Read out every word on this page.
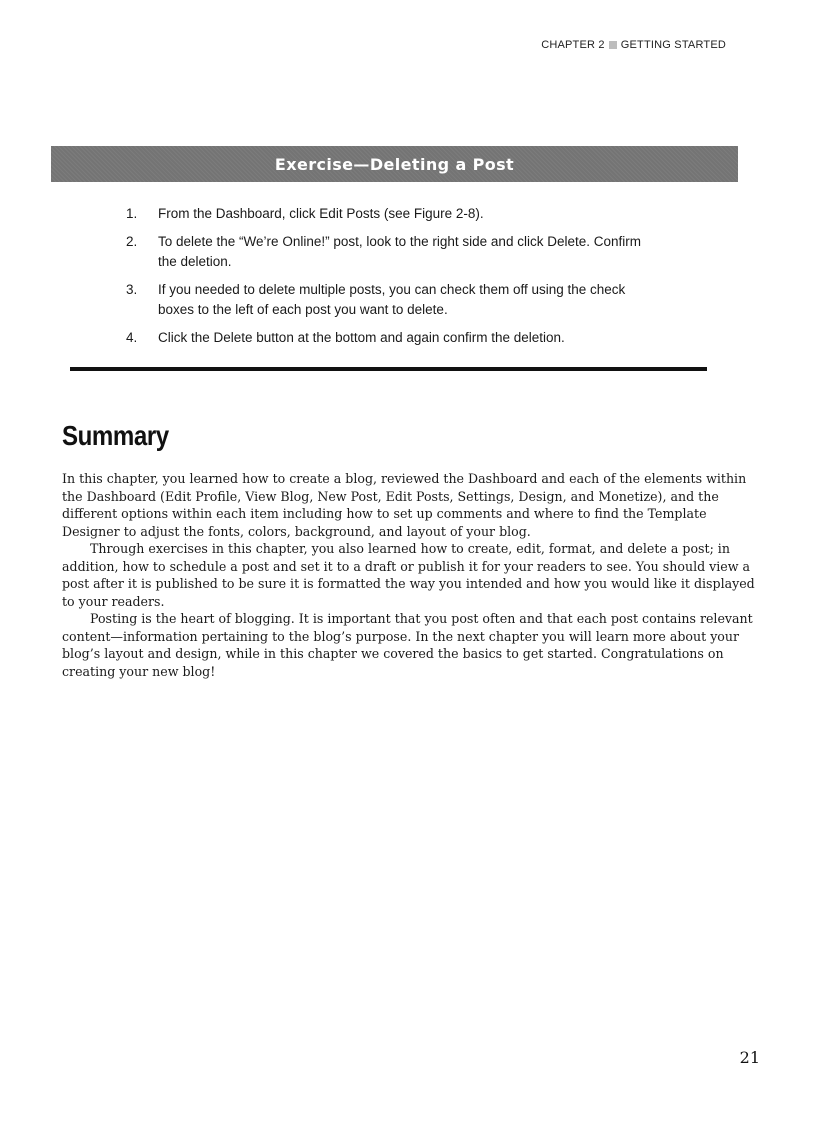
CHAPTER 2 GETTING STARTED
Exercise—Deleting a Post
1.	From the Dashboard, click Edit Posts (see Figure 2-8).
2.	To delete the “We’re Online!” post, look to the right side and click Delete. Confirm the deletion.
3.	If you needed to delete multiple posts, you can check them off using the check boxes to the left of each post you want to delete.
4.	Click the Delete button at the bottom and again confirm the deletion.
Summary

In this chapter, you learned how to create a blog, reviewed the Dashboard and each of the elements within the Dashboard (Edit Profile, View Blog, New Post, Edit Posts, Settings, Design, and Monetize), and the different options within each item including how to set up comments and where to find the Template Designer to adjust the fonts, colors, background, and layout of your blog.

Through exercises in this chapter, you also learned how to create, edit, format, and delete a post; in addition, how to schedule a post and set it to a draft or publish it for your readers to see. You should view a post after it is published to be sure it is formatted the way you intended and how you would like it displayed to your readers.

Posting is the heart of blogging. It is important that you post often and that each post contains relevant content—information pertaining to the blog’s purpose. In the next chapter you will learn more about your blog’s layout and design, while in this chapter we covered the basics to get started. Congratulations on creating your new blog!

21
